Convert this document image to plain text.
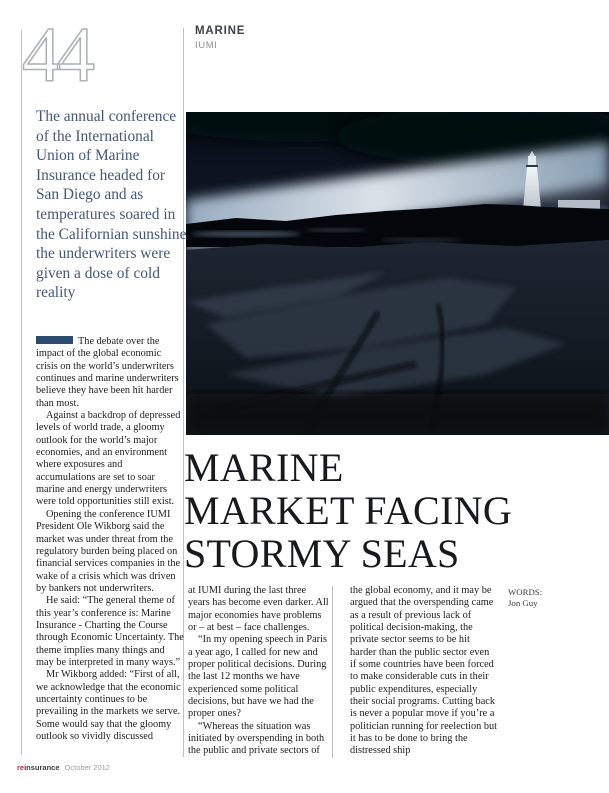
44	MARINE
IUMI
The annual conference of the International Union of Marine Insurance headed for San Diego and as temperatures soared in the Californian sunshine the underwriters were given a dose of cold reality
MARINE
MARKET FACING
STORMY SEAS

The debate over the impact of the global economic crisis on the world’s underwriters continues and marine underwriters believe they have been hit harder than most.

Against a backdrop of depressed levels of world trade, a gloomy outlook for the world’s major economies, and an environment where exposures and accumulations are set to soar marine and energy underwriters were told opportunities still exist.

Opening the conference IUMI President Ole Wikborg said the market was under threat from the regulatory burden being placed on financial services companies in the wake of a crisis which was driven by bankers not underwriters.

He said: “The general theme of this year’s conference is: Marine Insurance - Charting the Course through Economic Uncertainty. The theme implies many things and may be interpreted in many ways.”

Mr Wikborg added: “First of all, we acknowledge that the economic uncertainty continues to be prevailing in the markets we serve. Some would say that the gloomy outlook so vividly discussed

at IUMI during the last three years has become even darker. All major economies have problems or – at best – face challenges.

“In my opening speech in Paris a year ago, I called for new and proper political decisions. During the last 12 months we have experienced some political decisions, but have we had the proper ones?

“Whereas the situation was initiated by overspending in both the public and private sectors of

the global economy, and it may be argued that the overspending came as a result of previous lack of political decision-making, the private sector seems to be hit harder than the public sector even if some countries have been forced to make considerable cuts in their public expenditures, especially their social programs. Cutting back is never a popular move if you’re a politician running for reelection but it has to be done to bring the distressed ship

WORDS:
Jon Guy
reinsurance October 2012
